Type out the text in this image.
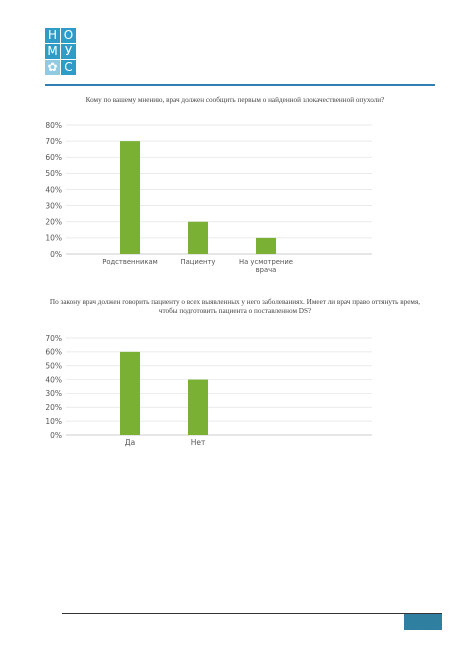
Н О
М У
✿ С
Кому по вашему мнению, врач должен сообщить первым о найденной злокачественной опухоли?
80%
70%
60%
50%
40%
30%
20%
10%
0%
Родственникам	Пациенту	На усмотрение врача
По закону врач должен говорить пациенту о всех выявленных у него заболеваниях. Имеет ли врач право оттянуть время, чтобы подготовить пациента о поставленном DS?
70%
60%
50%
40%
30%
20%
10%
0%
Да	Нет
